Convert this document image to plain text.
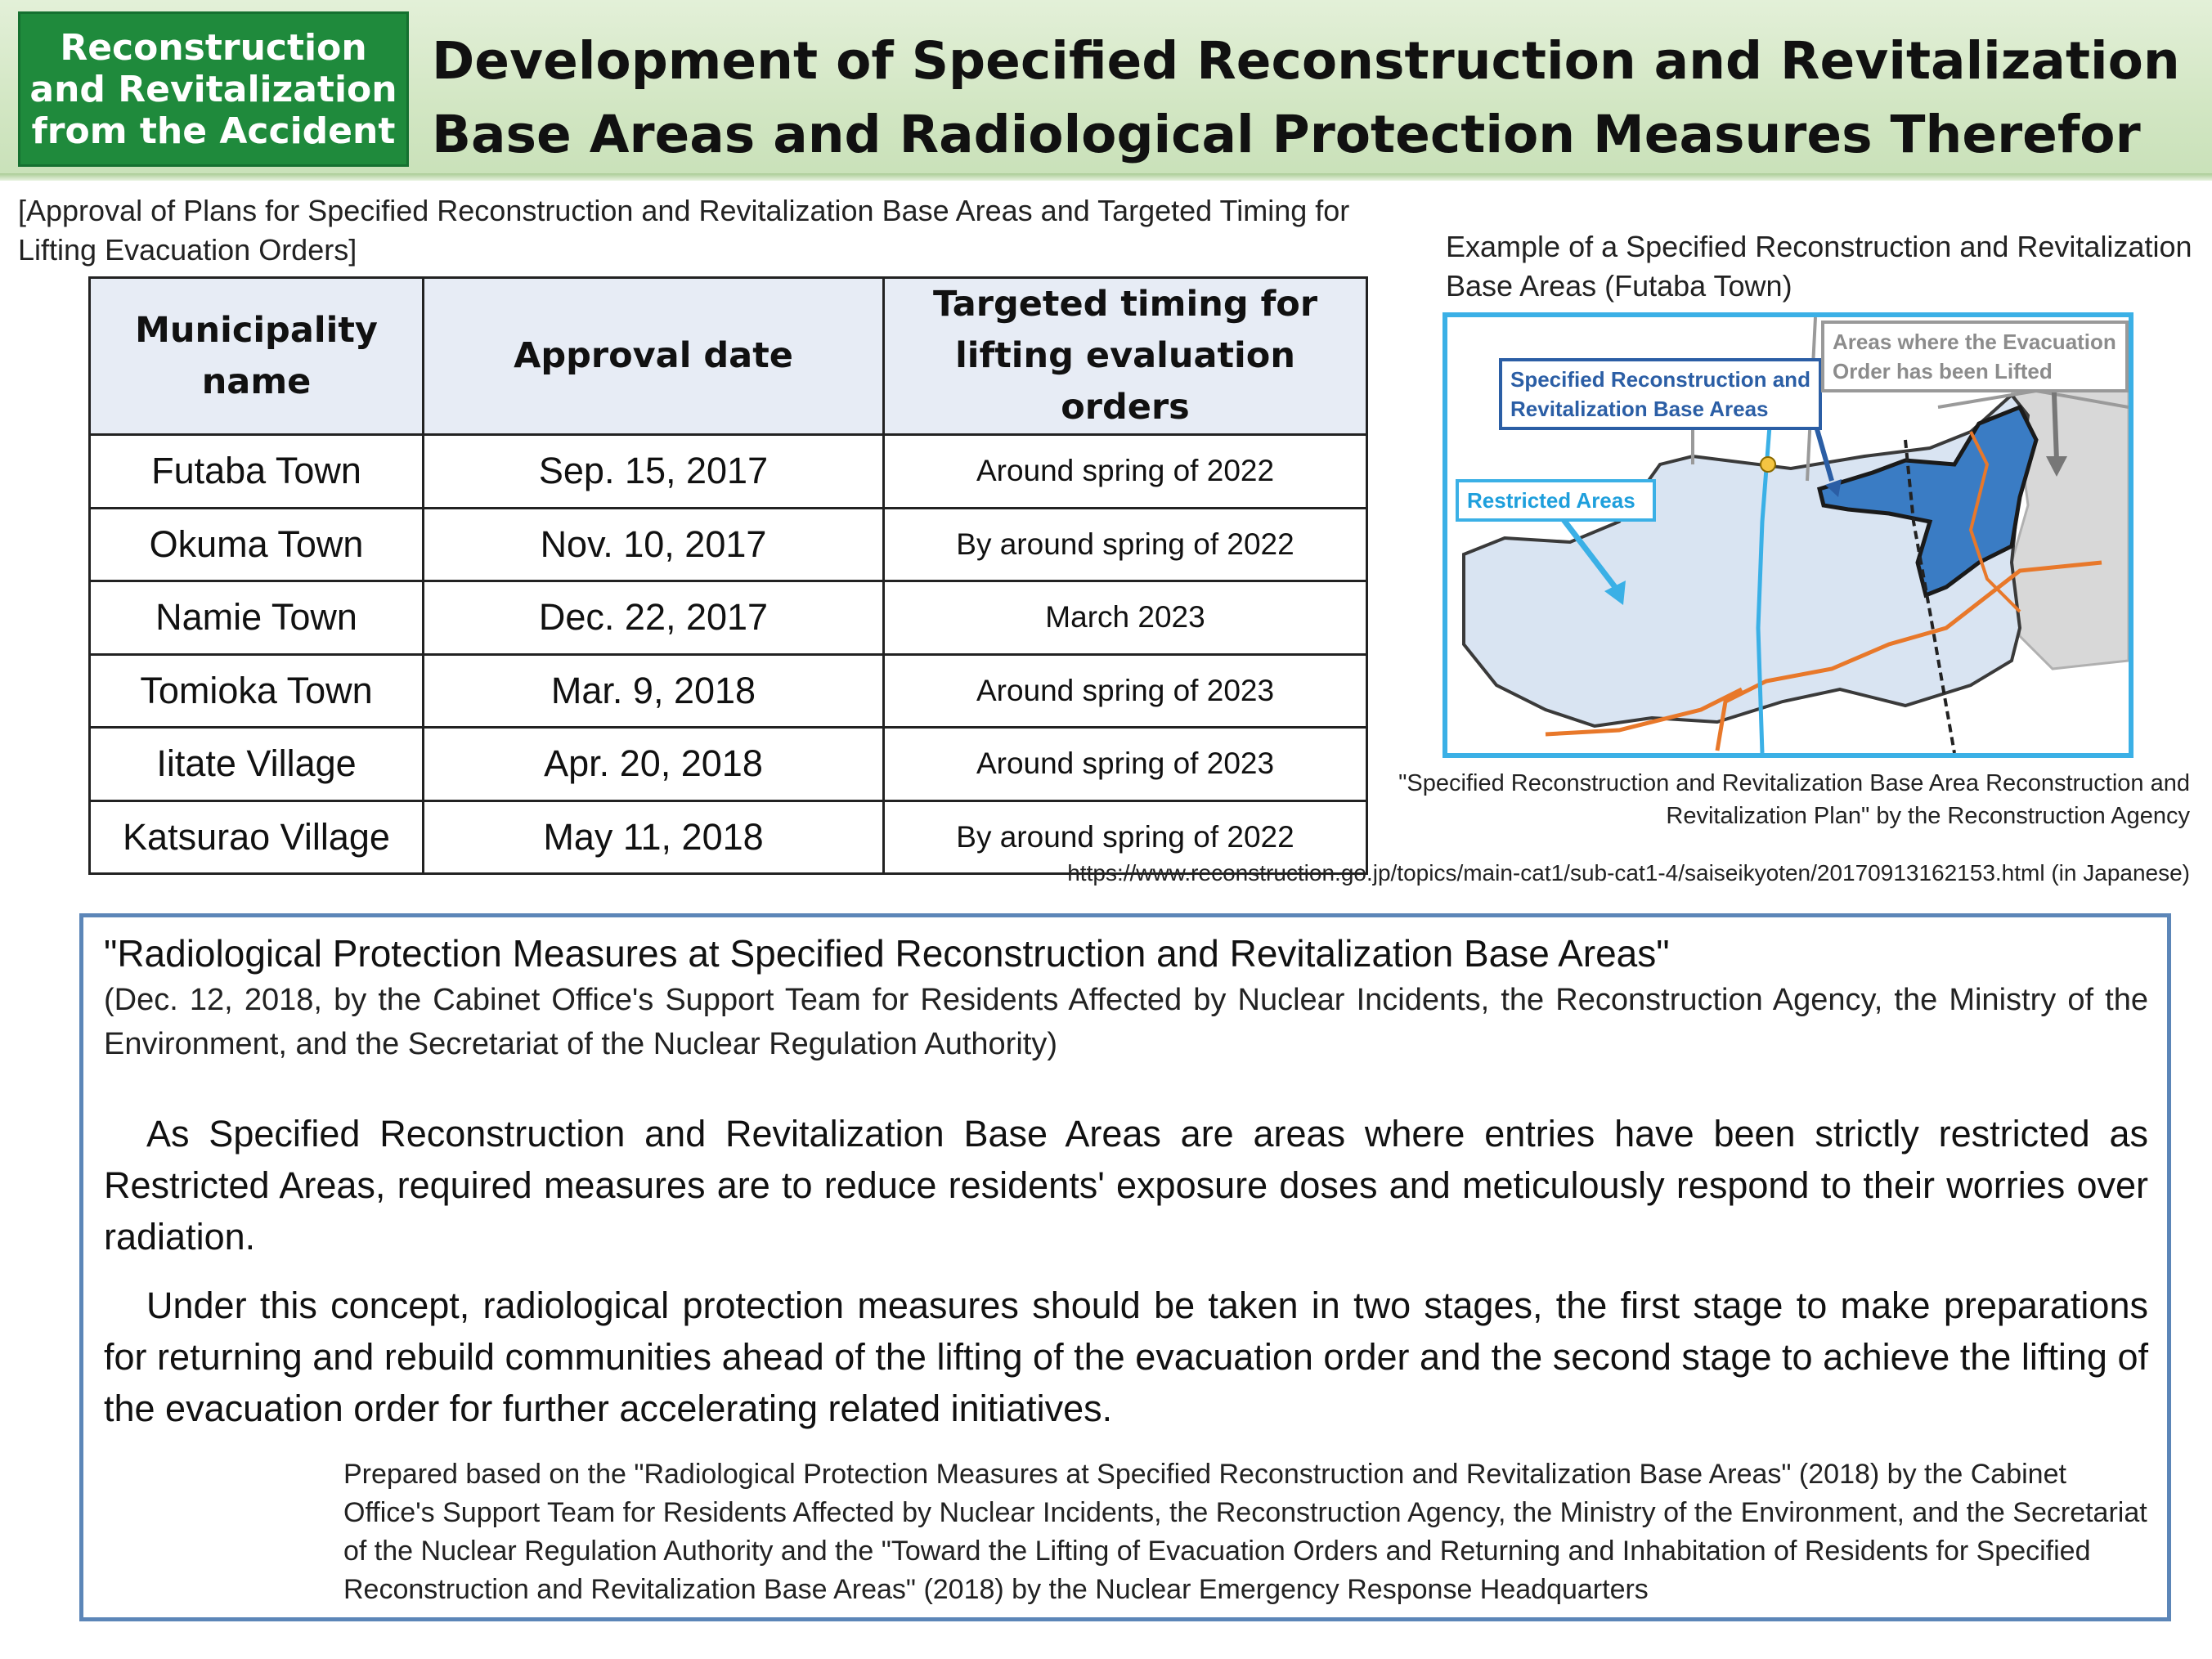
Reconstruction and Revitalization from the Accident
Development of Specified Reconstruction and Revitalization Base Areas and Radiological Protection Measures Therefor
[Approval of Plans for Specified Reconstruction and Revitalization Base Areas and Targeted Timing for Lifting Evacuation Orders]
Municipality name	Approval date	Targeted timing for lifting evaluation orders
Futaba Town	Sep. 15, 2017	Around spring of 2022
Okuma Town	Nov. 10, 2017	By around spring of 2022
Namie Town	Dec. 22, 2017	March 2023
Tomioka Town	Mar. 9, 2018	Around spring of 2023
Iitate Village	Apr. 20, 2018	Around spring of 2023
Katsurao Village	May 11, 2018	By around spring of 2022
Example of a Specified Reconstruction and Revitalization Base Areas (Futaba Town)
Specified Reconstruction and Revitalization Base Areas
Areas where the Evacuation Order has been Lifted
Restricted Areas
"Specified Reconstruction and Revitalization Base Area Reconstruction and Revitalization Plan" by the Reconstruction Agency
https://www.reconstruction.go.jp/topics/main-cat1/sub-cat1-4/saiseikyoten/20170913162153.html (in Japanese)
"Radiological Protection Measures at Specified Reconstruction and Revitalization Base Areas"
(Dec. 12, 2018, by the Cabinet Office's Support Team for Residents Affected by Nuclear Incidents, the Reconstruction Agency, the Ministry of the Environment, and the Secretariat of the Nuclear Regulation Authority)

As Specified Reconstruction and Revitalization Base Areas are areas where entries have been strictly restricted as Restricted Areas, required measures are to reduce residents' exposure doses and meticulously respond to their worries over radiation.

Under this concept, radiological protection measures should be taken in two stages, the first stage to make preparations for returning and rebuild communities ahead of the lifting of the evacuation order and the second stage to achieve the lifting of the evacuation order for further accelerating related initiatives.

Prepared based on the "Radiological Protection Measures at Specified Reconstruction and Revitalization Base Areas" (2018) by the Cabinet Office's Support Team for Residents Affected by Nuclear Incidents, the Reconstruction Agency, the Ministry of the Environment, and the Secretariat of the Nuclear Regulation Authority and the "Toward the Lifting of Evacuation Orders and Returning and Inhabitation of Residents for Specified Reconstruction and Revitalization Base Areas" (2018) by the Nuclear Emergency Response Headquarters
